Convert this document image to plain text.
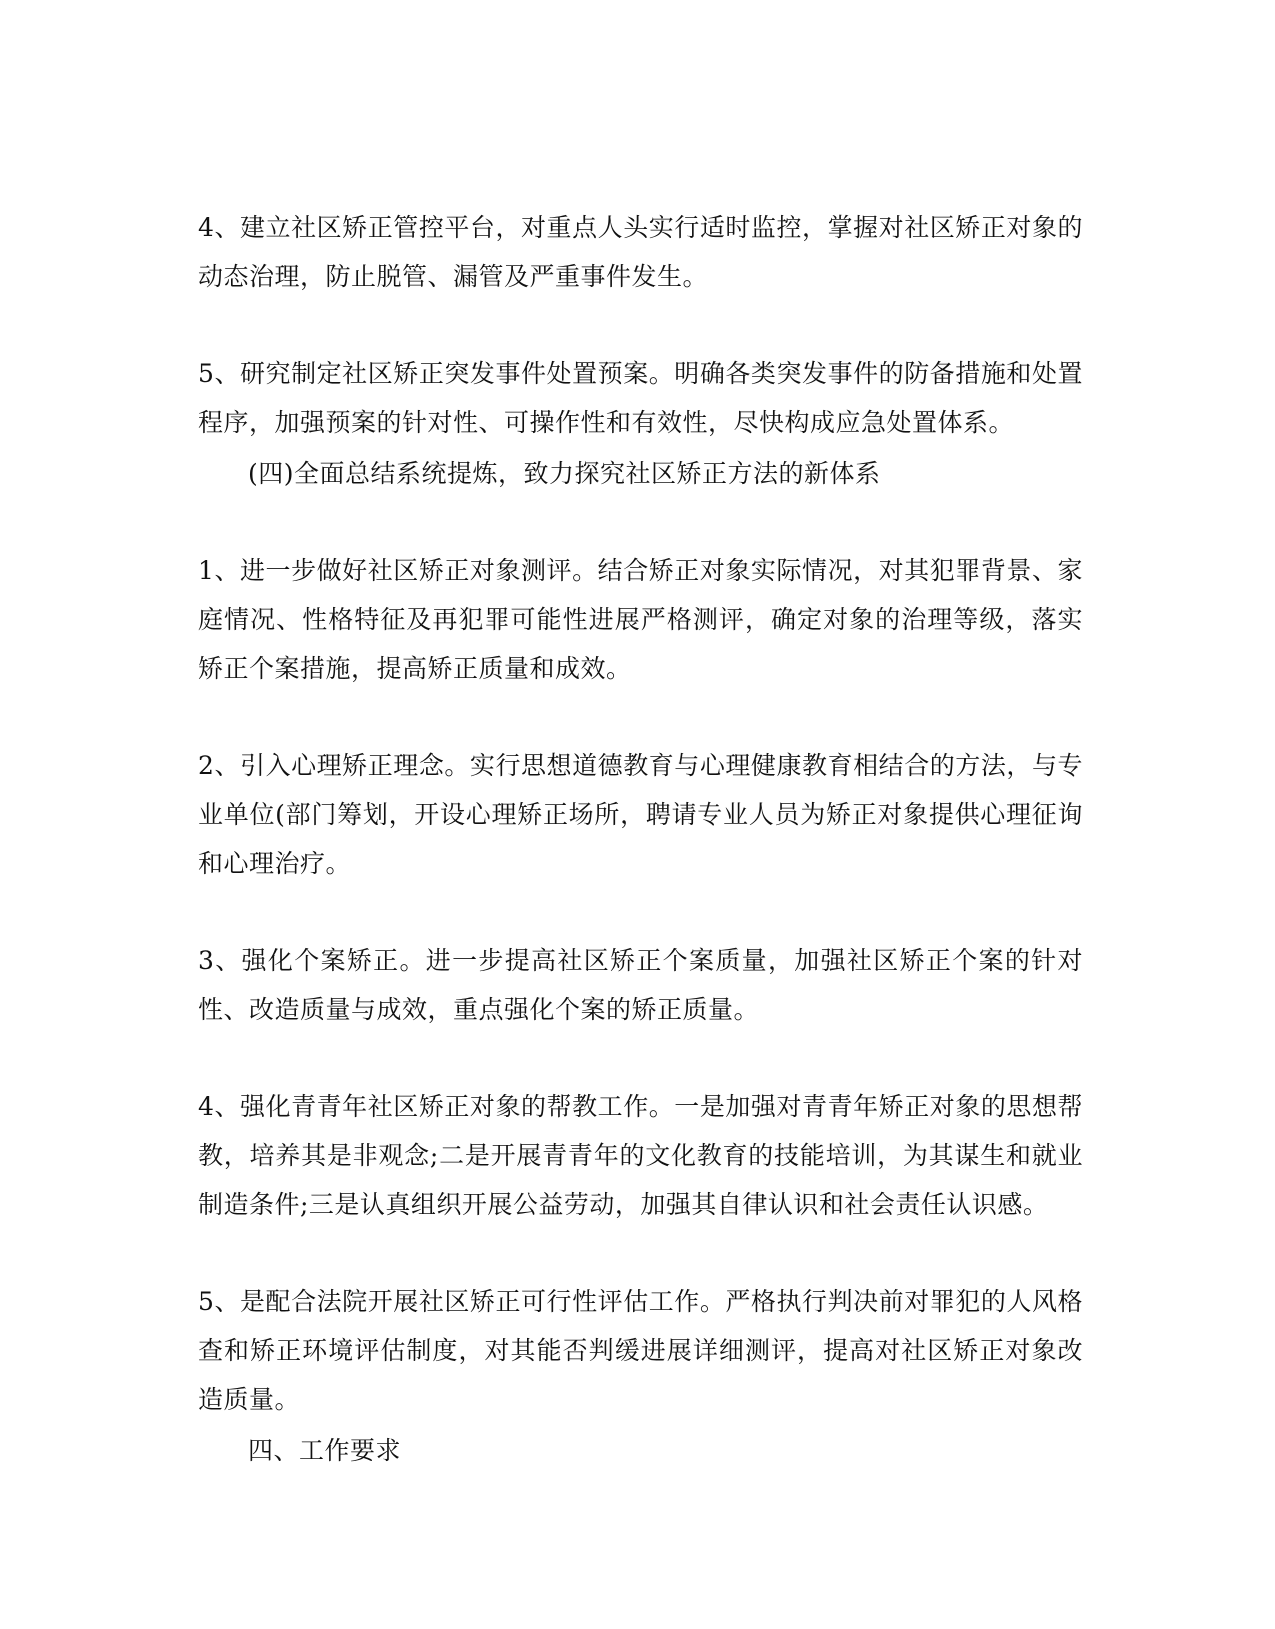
4、建立社区矫正管控平台，对重点人头实行适时监控，掌握对社区矫正对象的动态治理，防止脱管、漏管及严重事件发生。

5、研究制定社区矫正突发事件处置预案。明确各类突发事件的防备措施和处置程序，加强预案的针对性、可操作性和有效性，尽快构成应急处置体系。

(四)全面总结系统提炼，致力探究社区矫正方法的新体系

1、进一步做好社区矫正对象测评。结合矫正对象实际情况，对其犯罪背景、家庭情况、性格特征及再犯罪可能性进展严格测评，确定对象的治理等级，落实矫正个案措施，提高矫正质量和成效。

2、引入心理矫正理念。实行思想道德教育与心理健康教育相结合的方法，与专业单位(部门筹划，开设心理矫正场所，聘请专业人员为矫正对象提供心理征询和心理治疗。

3、强化个案矫正。进一步提高社区矫正个案质量，加强社区矫正个案的针对性、改造质量与成效，重点强化个案的矫正质量。

4、强化青青年社区矫正对象的帮教工作。一是加强对青青年矫正对象的思想帮教，培养其是非观念;二是开展青青年的文化教育的技能培训，为其谋生和就业制造条件;三是认真组织开展公益劳动，加强其自律认识和社会责任认识感。

5、是配合法院开展社区矫正可行性评估工作。严格执行判决前对罪犯的人风格查和矫正环境评估制度，对其能否判缓进展详细测评，提高对社区矫正对象改造质量。

四、工作要求
